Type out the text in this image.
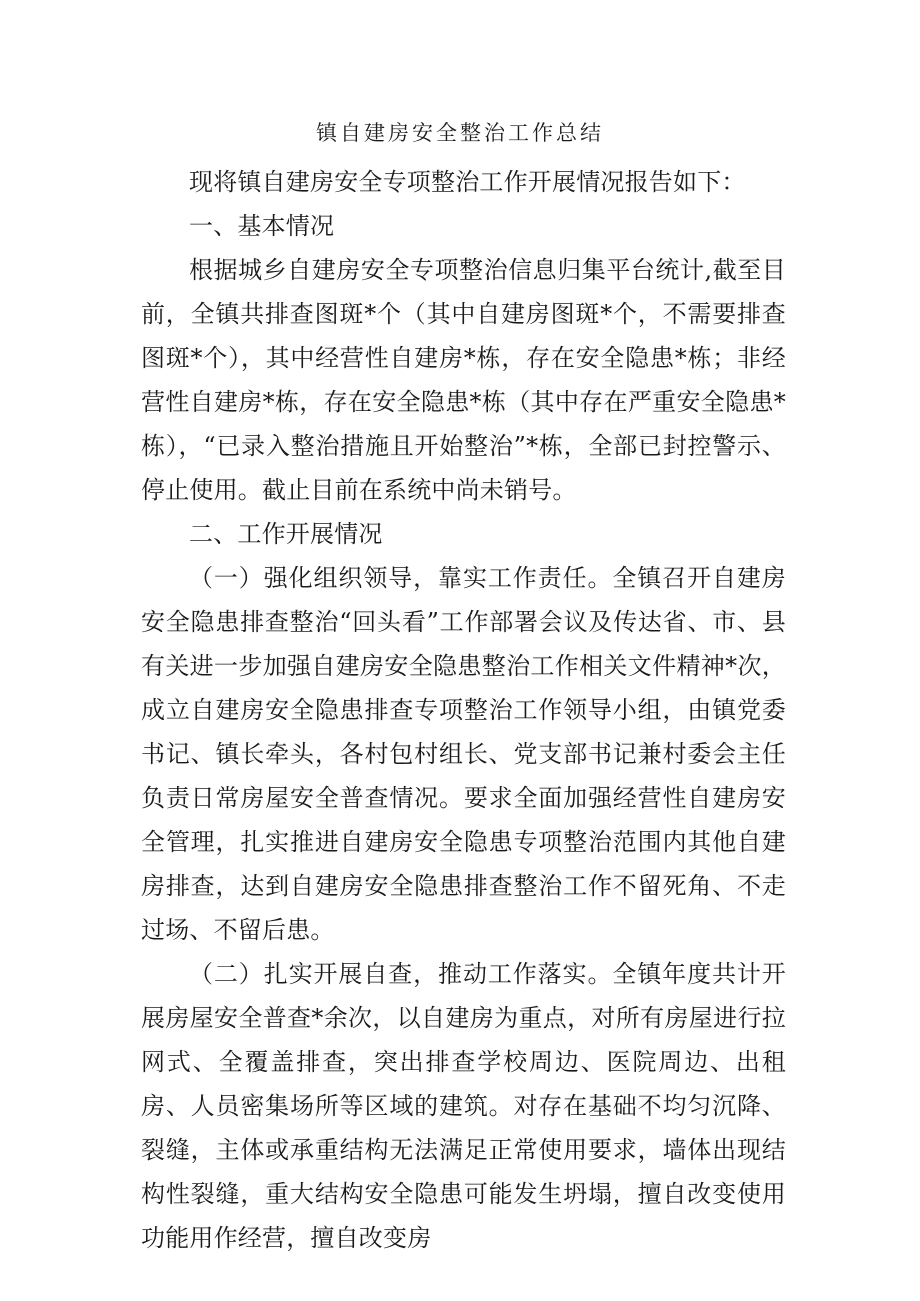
镇自建房安全整治工作总结

现将镇自建房安全专项整治工作开展情况报告如下：

一、基本情况

根据城乡自建房安全专项整治信息归集平台统计,截至目前，全镇共排查图斑*个（其中自建房图斑*个，不需要排查图斑*个），其中经营性自建房*栋，存在安全隐患*栋；非经营性自建房*栋，存在安全隐患*栋（其中存在严重安全隐患*栋），“已录入整治措施且开始整治”*栋，全部已封控警示、停止使用。截止目前在系统中尚未销号。

二、工作开展情况

（一）强化组织领导，靠实工作责任。全镇召开自建房安全隐患排查整治“回头看”工作部署会议及传达省、市、县有关进一步加强自建房安全隐患整治工作相关文件精神*次，成立自建房安全隐患排查专项整治工作领导小组，由镇党委书记、镇长牵头，各村包村组长、党支部书记兼村委会主任负责日常房屋安全普查情况。要求全面加强经营性自建房安全管理，扎实推进自建房安全隐患专项整治范围内其他自建房排查，达到自建房安全隐患排查整治工作不留死角、不走过场、不留后患。

（二）扎实开展自查，推动工作落实。全镇年度共计开展房屋安全普查*余次，以自建房为重点，对所有房屋进行拉网式、全覆盖排查，突出排查学校周边、医院周边、出租房、人员密集场所等区域的建筑。对存在基础不均匀沉降、裂缝，主体或承重结构无法满足正常使用要求，墙体出现结构性裂缝，重大结构安全隐患可能发生坍塌，擅自改变使用功能用作经营，擅自改变房
